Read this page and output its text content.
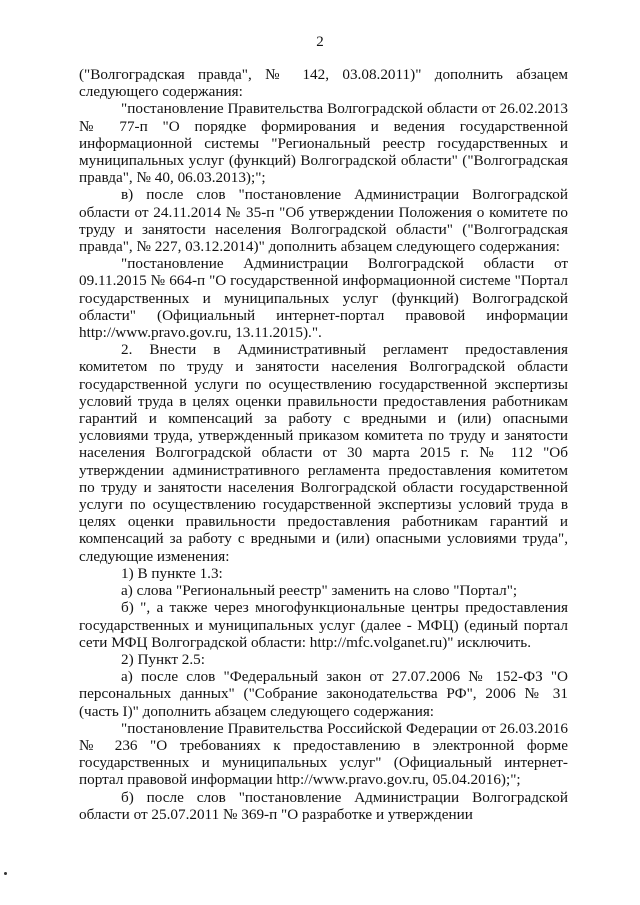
2

("Волгоградская правда", № 142, 03.08.2011)" дополнить абзацем следующего содержания:

"постановление Правительства Волгоградской области от 26.02.2013 № 77-п "О порядке формирования и ведения государственной информационной системы "Региональный реестр государственных и муниципальных услуг (функций) Волгоградской области" ("Волгоградская правда", № 40, 06.03.2013);";

в) после слов "постановление Администрации Волгоградской области от 24.11.2014 № 35-п "Об утверждении Положения о комитете по труду и занятости населения Волгоградской области" ("Волгоградская правда", № 227, 03.12.2014)" дополнить абзацем следующего содержания:

"постановление Администрации Волгоградской области от 09.11.2015 № 664-п "О государственной информационной системе "Портал государственных и муниципальных услуг (функций) Волгоградской области" (Официальный интернет-портал правовой информации http://www.pravo.gov.ru, 13.11.2015).".

2. Внести в Административный регламент предоставления комитетом по труду и занятости населения Волгоградской области государственной услуги по осуществлению государственной экспертизы условий труда в целях оценки правильности предоставления работникам гарантий и компенсаций за работу с вредными и (или) опасными условиями труда, утвержденный приказом комитета по труду и занятости населения Волгоградской области от 30 марта 2015 г. № 112 "Об утверждении административного регламента предоставления комитетом по труду и занятости населения Волгоградской области государственной услуги по осуществлению государственной экспертизы условий труда в целях оценки правильности предоставления работникам гарантий и компенсаций за работу с вредными и (или) опасными условиями труда", следующие изменения:

1) В пункте 1.3:

а) слова "Региональный реестр" заменить на слово "Портал";

б) ", а также через многофункциональные центры предоставления государственных и муниципальных услуг (далее - МФЦ) (единый портал сети МФЦ Волгоградской области: http://mfc.volganet.ru)" исключить.

2) Пункт 2.5:

а) после слов "Федеральный закон от 27.07.2006 № 152-ФЗ "О персональных данных" ("Собрание законодательства РФ", 2006 № 31 (часть I)" дополнить абзацем следующего содержания:

"постановление Правительства Российской Федерации от 26.03.2016 № 236 "О требованиях к предоставлению в электронной форме государственных и муниципальных услуг" (Официальный интернет-портал правовой информации http://www.pravo.gov.ru, 05.04.2016);";

б) после слов "постановление Администрации Волгоградской области от 25.07.2011 № 369-п "О разработке и утверждении
